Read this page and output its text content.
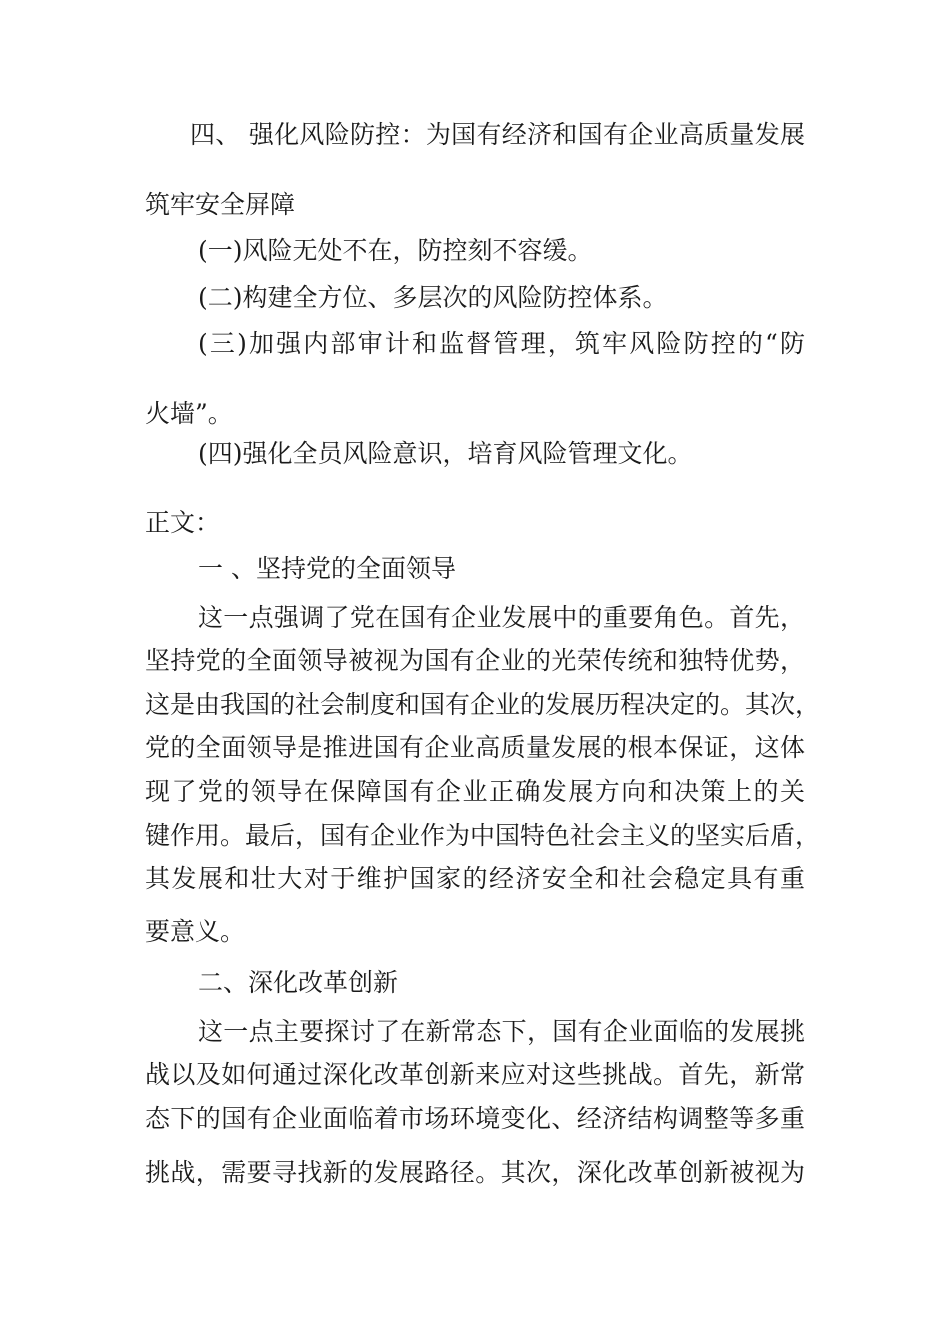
四、 强化风险防控：为国有经济和国有企业高质量发展

筑牢安全屏障

(一)风险无处不在，防控刻不容缓。

(二)构建全方位、多层次的风险防控体系。

(三)加强内部审计和监督管理，筑牢风险防控的“防

火墙”。

(四)强化全员风险意识，培育风险管理文化。

正文：

一 、坚持党的全面领导

这一点强调了党在国有企业发展中的重要角色。首先，

坚持党的全面领导被视为国有企业的光荣传统和独特优势，

这是由我国的社会制度和国有企业的发展历程决定的。其次，

党的全面领导是推进国有企业高质量发展的根本保证，这体

现了党的领导在保障国有企业正确发展方向和决策上的关

键作用。最后，国有企业作为中国特色社会主义的坚实后盾，

其发展和壮大对于维护国家的经济安全和社会稳定具有重

要意义。

二、深化改革创新

这一点主要探讨了在新常态下，国有企业面临的发展挑

战以及如何通过深化改革创新来应对这些挑战。首先，新常

态下的国有企业面临着市场环境变化、经济结构调整等多重

挑战，需要寻找新的发展路径。其次，深化改革创新被视为
